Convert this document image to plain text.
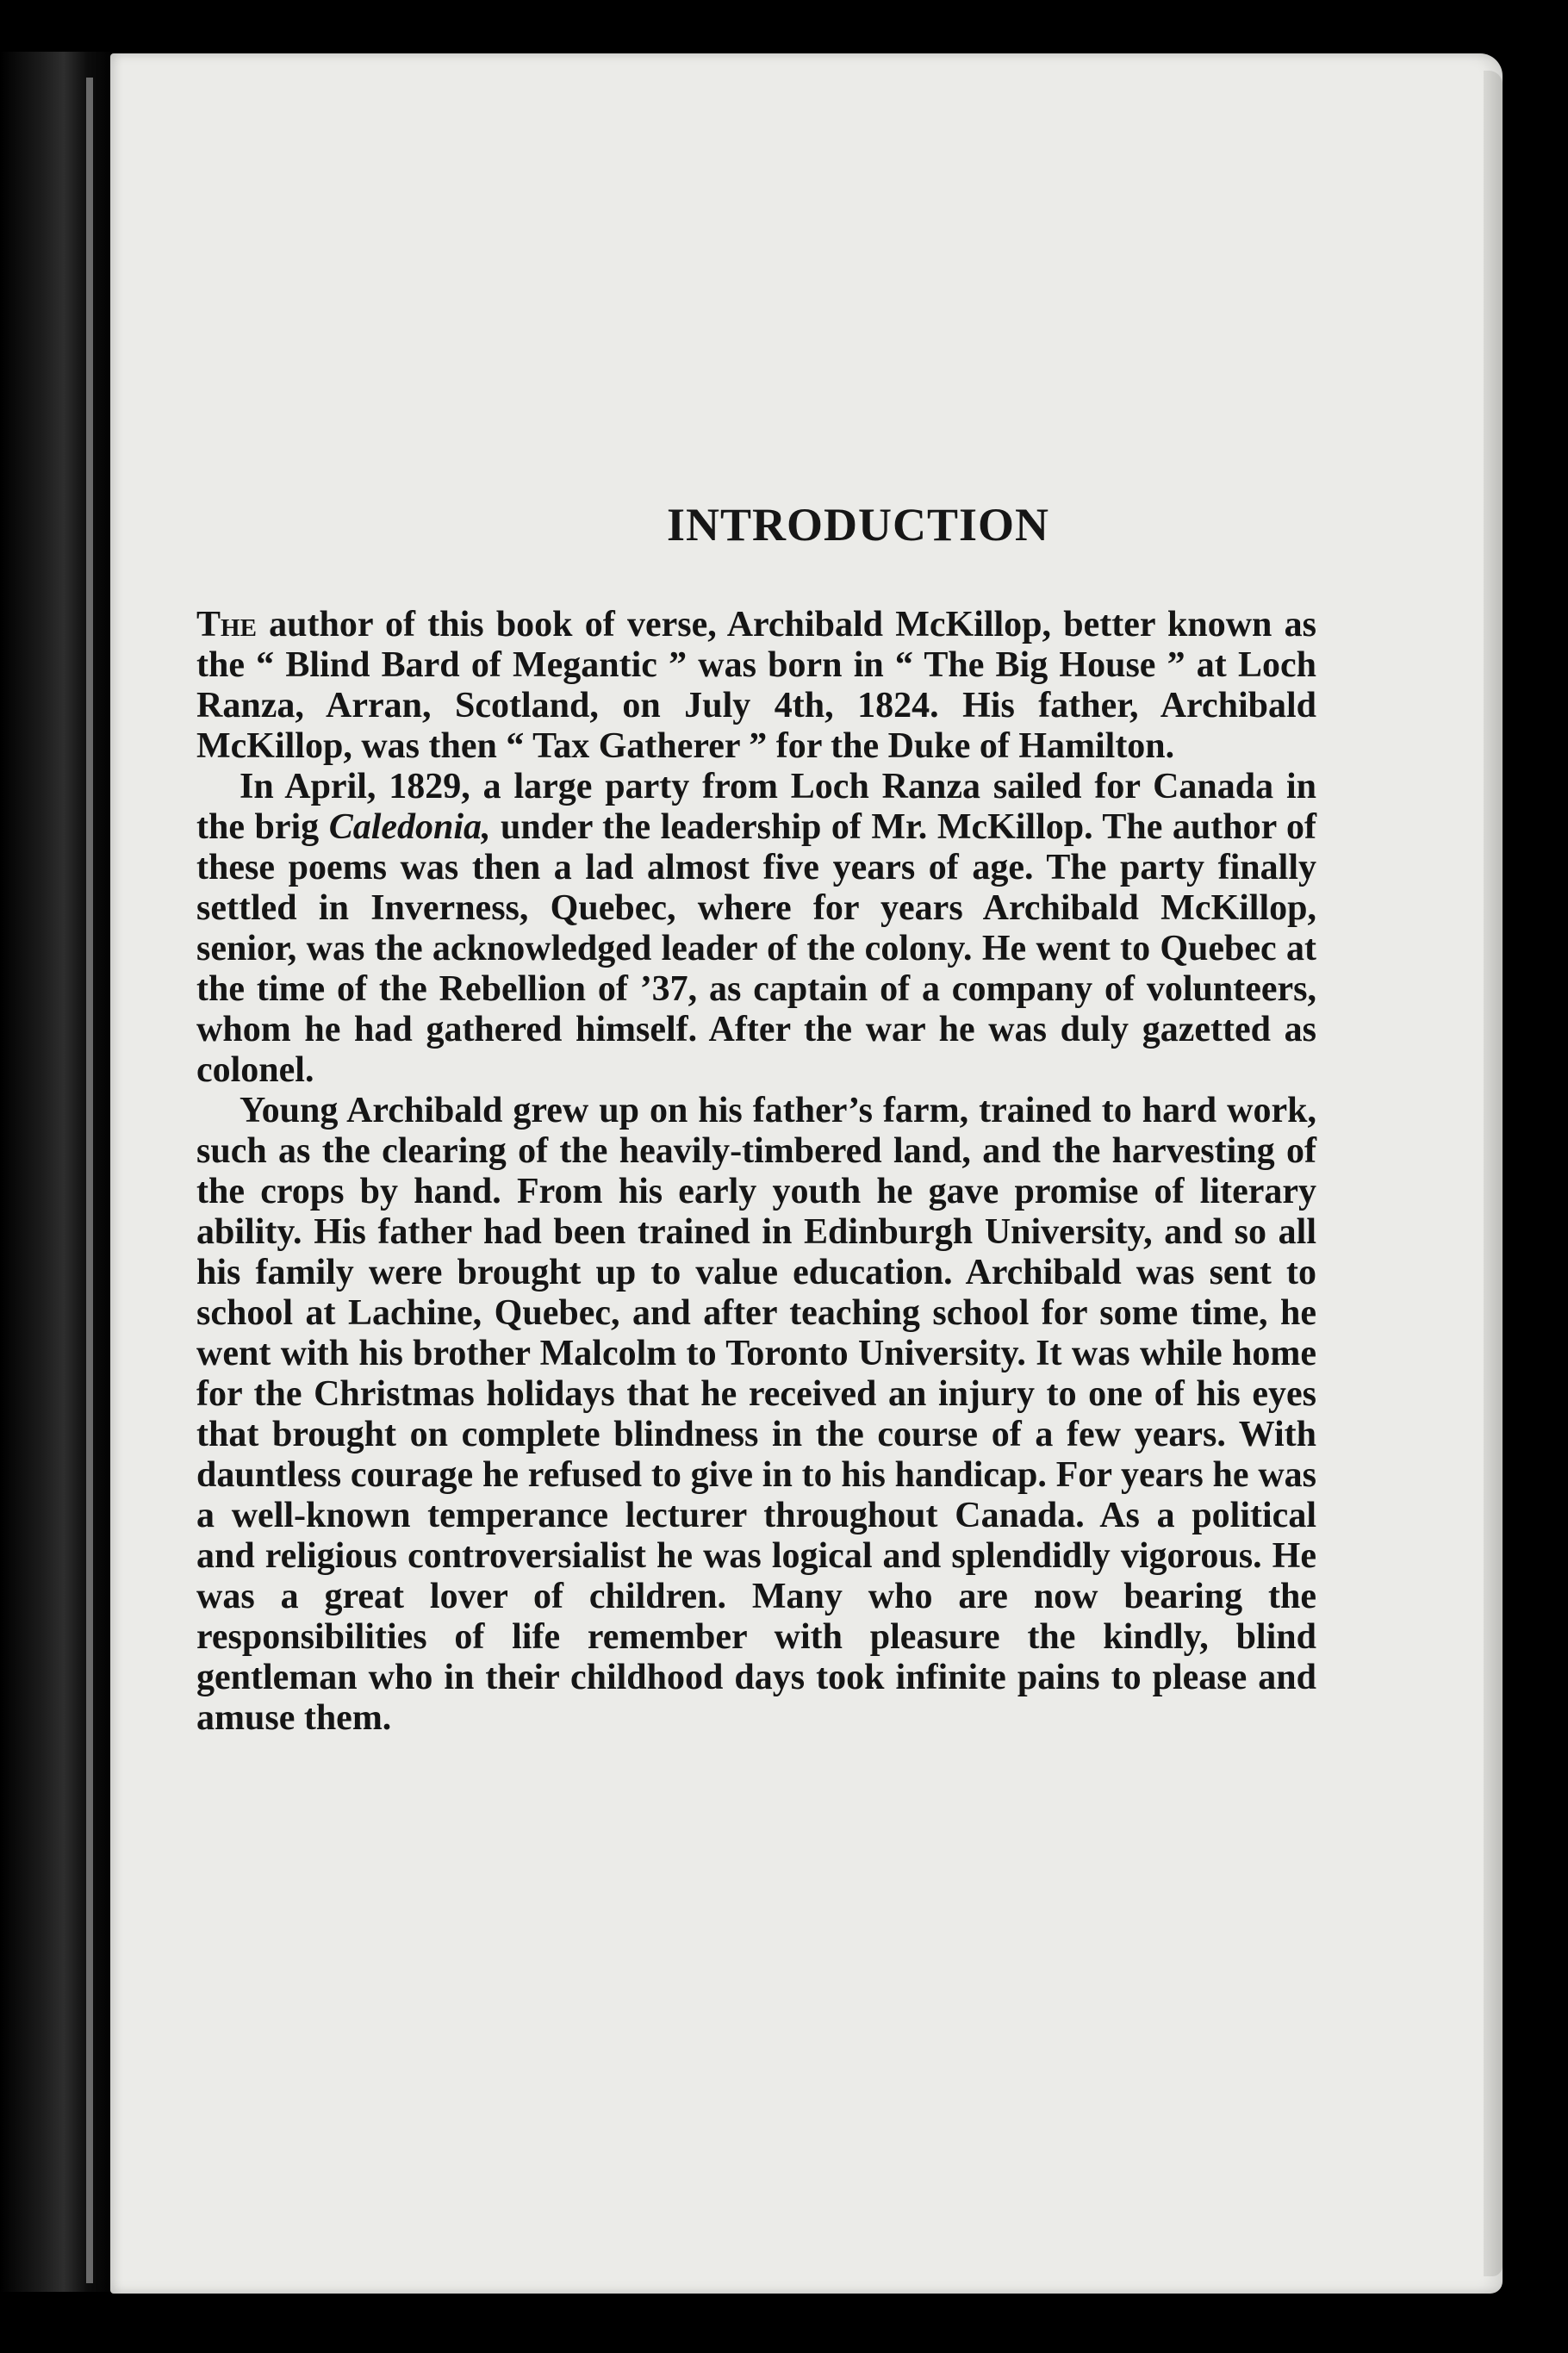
INTRODUCTION

The author of this book of verse, Archibald McKillop, better known as the “ Blind Bard of Megantic ” was born in “ The Big House ” at Loch Ranza, Arran, Scotland, on July 4th, 1824. His father, Archibald McKillop, was then “ Tax Gatherer ” for the Duke of Hamilton.

In April, 1829, a large party from Loch Ranza sailed for Canada in the brig Caledonia, under the leadership of Mr. McKillop. The author of these poems was then a lad almost five years of age. The party finally settled in Inverness, Quebec, where for years Archibald McKillop, senior, was the acknowledged leader of the colony. He went to Quebec at the time of the Rebellion of ’37, as captain of a company of volunteers, whom he had gathered himself. After the war he was duly gazetted as colonel.

Young Archibald grew up on his father’s farm, trained to hard work, such as the clearing of the heavily-timbered land, and the harvesting of the crops by hand. From his early youth he gave promise of literary ability. His father had been trained in Edinburgh University, and so all his family were brought up to value education. Archibald was sent to school at Lachine, Quebec, and after teaching school for some time, he went with his brother Malcolm to Toronto University. It was while home for the Christmas holidays that he received an injury to one of his eyes that brought on complete blindness in the course of a few years. With dauntless courage he refused to give in to his handicap. For years he was a well-known temperance lecturer throughout Canada. As a political and religious controversialist he was logical and splendidly vigorous. He was a great lover of children. Many who are now bearing the responsibilities of life remember with pleasure the kindly, blind gentleman who in their childhood days took infinite pains to please and amuse them.
